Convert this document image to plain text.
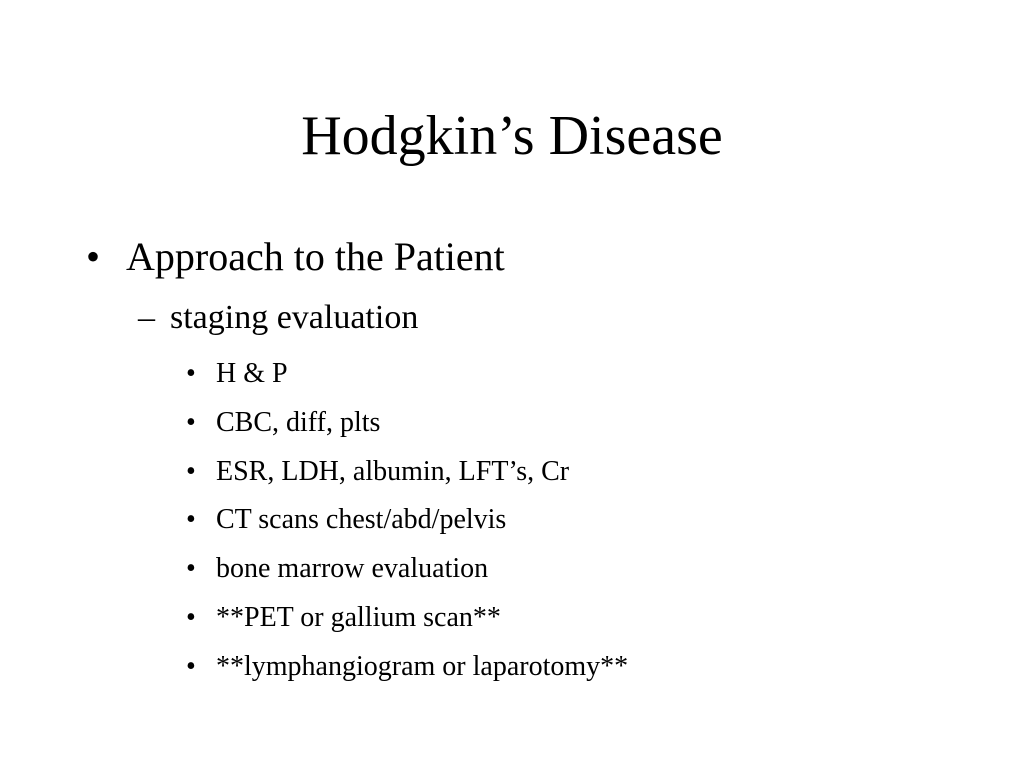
Hodgkin’s Disease
• Approach to the Patient
– staging evaluation
• H & P
• CBC, diff, plts
• ESR, LDH, albumin, LFT’s, Cr
• CT scans chest/abd/pelvis
• bone marrow evaluation
• **PET or gallium scan**
• **lymphangiogram or laparotomy**
